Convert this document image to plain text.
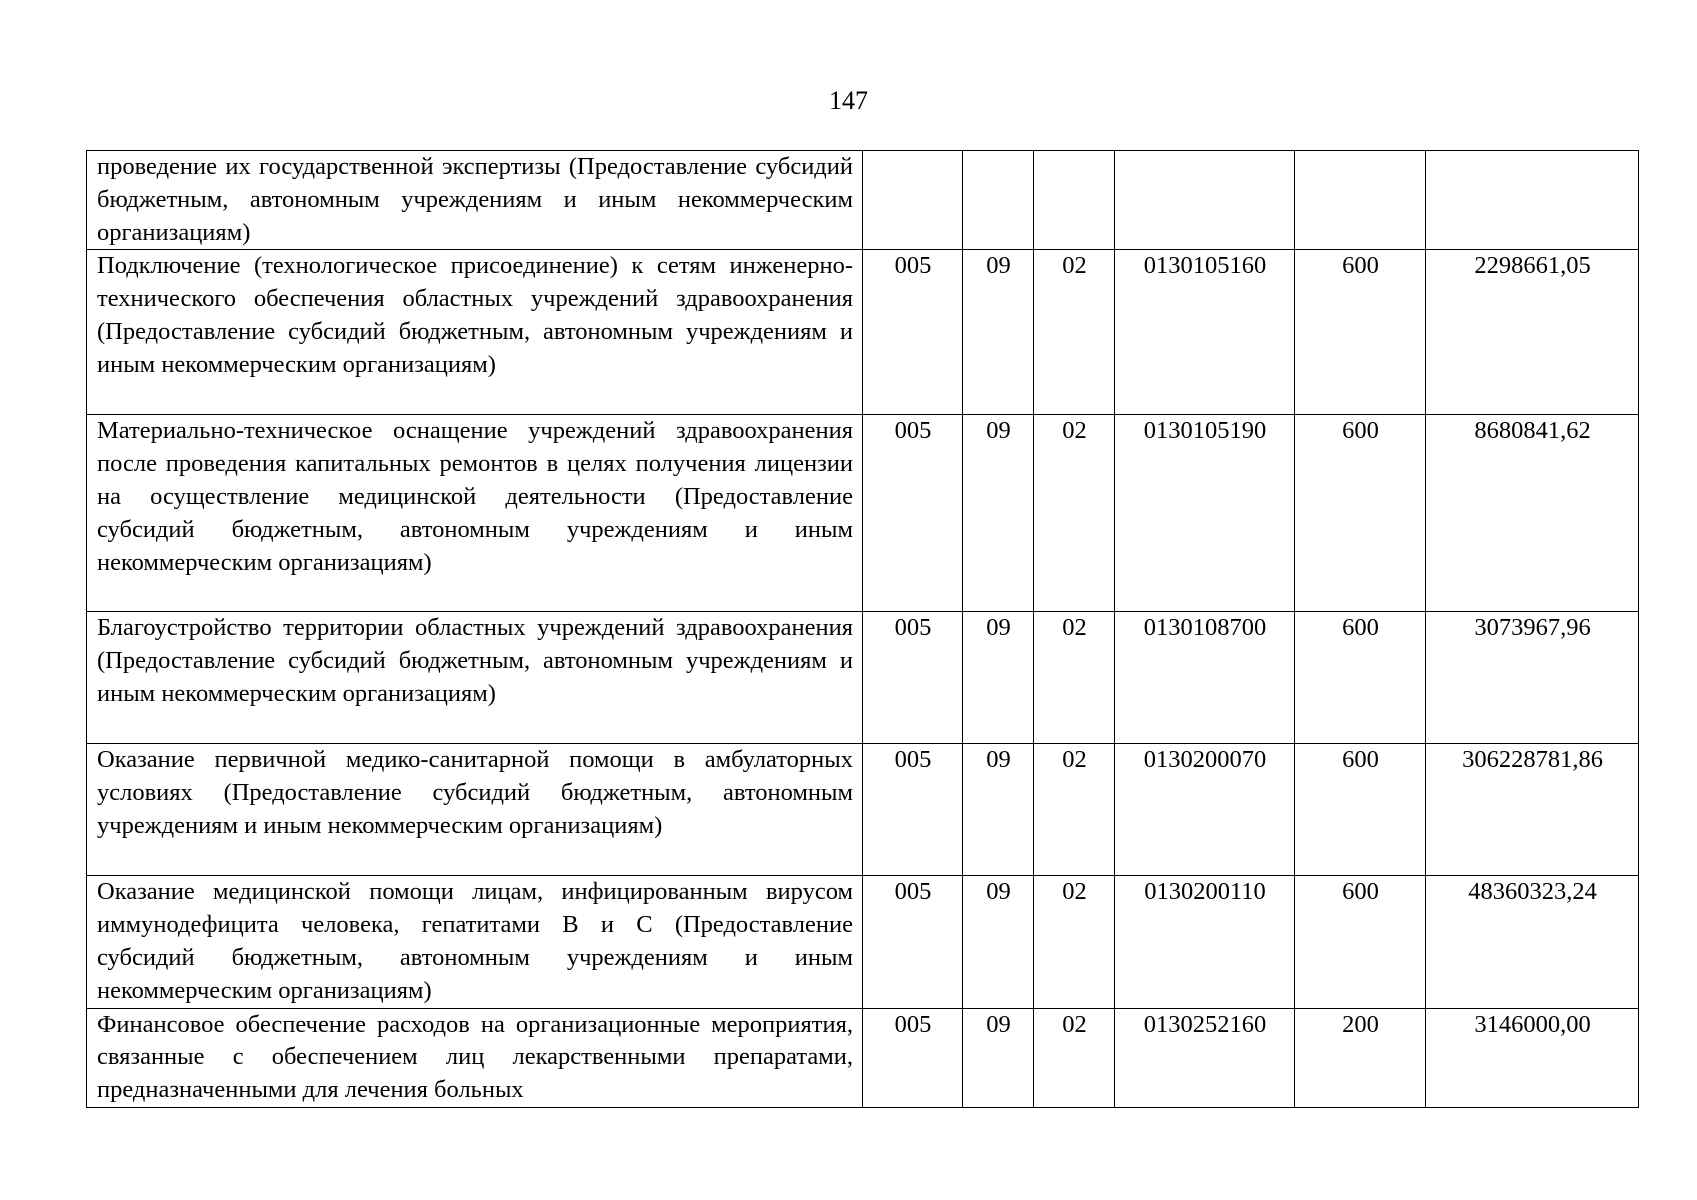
147
проведение их государственной экспертизы (Предоставление субсидий бюджетным, автономным учреждениям и иным некоммерческим организациям)						
Подключение (технологическое присоединение) к сетям инженерно-технического обеспечения областных учреждений здравоохранения (Предоставление субсидий бюджетным, автономным учреждениям и иным некоммерческим организациям)	005	09	02	0130105160	600	2298661,05
Материально-техническое оснащение учреждений здравоохранения после проведения капитальных ремонтов в целях получения лицензии на осуществление медицинской деятельности (Предоставление субсидий бюджетным, автономным учреждениям и иным некоммерческим организациям)	005	09	02	0130105190	600	8680841,62
Благоустройство территории областных учреждений здравоохранения (Предоставление субсидий бюджетным, автономным учреждениям и иным некоммерческим организациям)	005	09	02	0130108700	600	3073967,96
Оказание первичной медико-санитарной помощи в амбулаторных условиях (Предоставление субсидий бюджетным, автономным учреждениям и иным некоммерческим организациям)	005	09	02	0130200070	600	306228781,86
Оказание медицинской помощи лицам, инфицированным вирусом иммунодефицита человека, гепатитами B и C (Предоставление субсидий бюджетным, автономным учреждениям и иным некоммерческим организациям)	005	09	02	0130200110	600	48360323,24
Финансовое обеспечение расходов на организационные мероприятия, связанные с обеспечением лиц лекарственными препаратами, предназначенными для лечения больных	005	09	02	0130252160	200	3146000,00
